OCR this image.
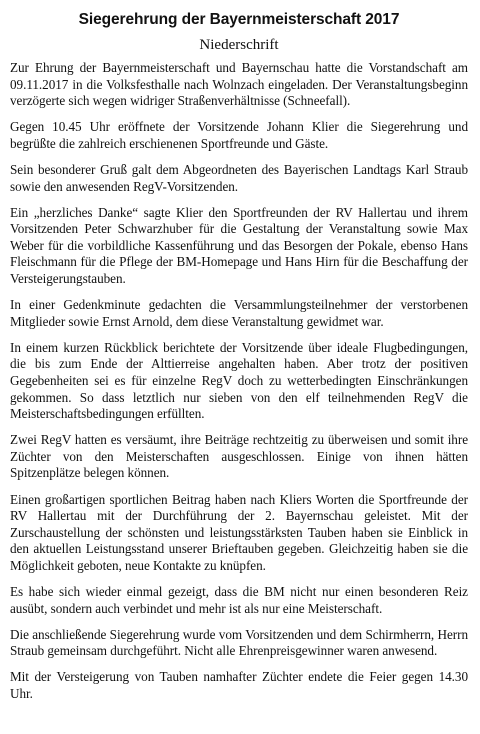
Siegerehrung der Bayernmeisterschaft 2017
Niederschrift

Zur Ehrung der Bayernmeisterschaft und Bayernschau hatte die Vorstandschaft am 09.11.2017 in die Volksfesthalle nach Wolnzach eingeladen. Der Veranstaltungsbeginn verzögerte sich wegen widriger Straßenverhältnisse (Schneefall).

Gegen 10.45 Uhr eröffnete der Vorsitzende Johann Klier die Siegerehrung und begrüßte die zahlreich erschienenen Sportfreunde und Gäste.

Sein besonderer Gruß galt dem Abgeordneten des Bayerischen Landtags Karl Straub sowie den anwesenden RegV-Vorsitzenden.

Ein „herzliches Danke“ sagte Klier den Sportfreunden der RV Hallertau und ihrem Vorsitzenden Peter Schwarzhuber für die Gestaltung der Veranstaltung sowie Max Weber für die vorbildliche Kassenführung und das Besorgen der Pokale, ebenso Hans Fleischmann für die Pflege der BM-Homepage und Hans Hirn für die Beschaffung der Versteigerungstauben.

In einer Gedenkminute gedachten die Versammlungsteilnehmer der verstorbenen Mitglieder sowie Ernst Arnold, dem diese Veranstaltung gewidmet war.

In einem kurzen Rückblick berichtete der Vorsitzende über ideale Flugbedingungen, die bis zum Ende der Alttierreise angehalten haben. Aber trotz der positiven Gegebenheiten sei es für einzelne RegV doch zu wetterbedingten Einschränkungen gekommen. So dass letztlich nur sieben von den elf teilnehmenden RegV die Meisterschaftsbedingungen erfüllten.

Zwei RegV hatten es versäumt, ihre Beiträge rechtzeitig zu überweisen und somit ihre Züchter von den Meisterschaften ausgeschlossen. Einige von ihnen hätten Spitzenplätze belegen können.

Einen großartigen sportlichen Beitrag haben nach Kliers Worten die Sportfreunde der RV Hallertau mit der Durchführung der 2. Bayernschau geleistet. Mit der Zurschaustellung der schönsten und leistungsstärksten Tauben haben sie Einblick in den aktuellen Leistungsstand unserer Brieftauben gegeben. Gleichzeitig haben sie die Möglichkeit geboten, neue Kontakte zu knüpfen.

Es habe sich wieder einmal gezeigt, dass die BM nicht nur einen besonderen Reiz ausübt, sondern auch verbindet und mehr ist als nur eine Meisterschaft.

Die anschließende Siegerehrung wurde vom Vorsitzenden und dem Schirmherrn, Herrn Straub gemeinsam durchgeführt. Nicht alle Ehrenpreisgewinner waren anwesend.

Mit der Versteigerung von Tauben namhafter Züchter endete die Feier gegen 14.30 Uhr.
